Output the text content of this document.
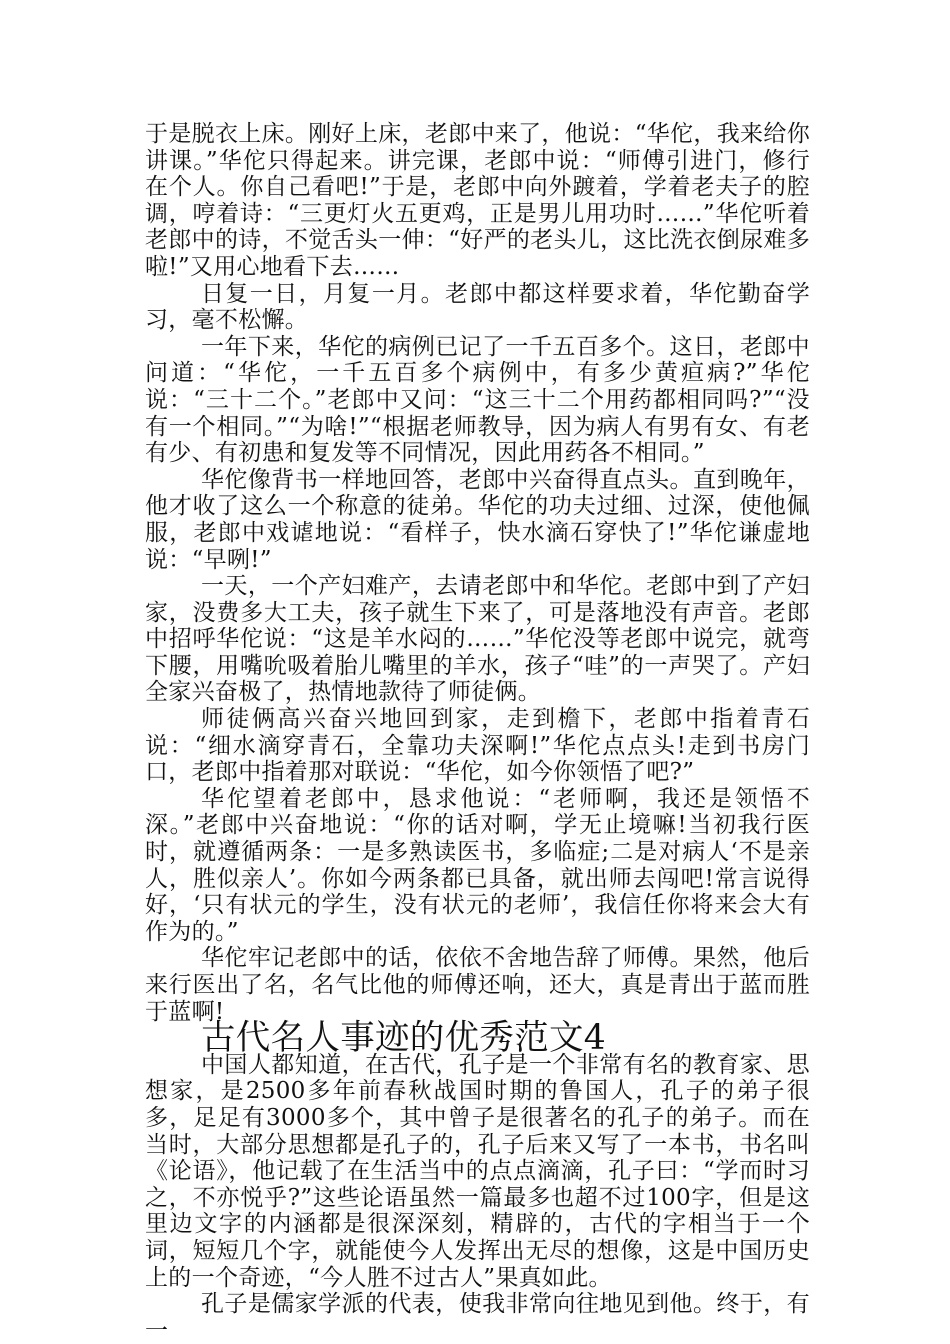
于是脱衣上床。刚好上床，老郎中来了，他说：“华佗，我来给你讲课。”华佗只得起来。讲完课，老郎中说：“师傅引进门，修行在个人。你自己看吧!”于是，老郎中向外踱着，学着老夫子的腔调，哼着诗：“三更灯火五更鸡，正是男儿用功时……”华佗听着老郎中的诗，不觉舌头一伸：“好严的老头儿，这比洗衣倒尿难多啦!”又用心地看下去……

日复一日，月复一月。老郎中都这样要求着，华佗勤奋学习，毫不松懈。

一年下来，华佗的病例已记了一千五百多个。这日，老郎中问道：“华佗，一千五百多个病例中，有多少黄疸病?”华佗说：“三十二个。”老郎中又问：“这三十二个用药都相同吗?”“没有一个相同。”“为啥!”“根据老师教导，因为病人有男有女、有老有少、有初患和复发等不同情况，因此用药各不相同。”

华佗像背书一样地回答，老郎中兴奋得直点头。直到晚年，他才收了这么一个称意的徒弟。华佗的功夫过细、过深，使他佩服，老郎中戏谑地说：“看样子，快水滴石穿快了!”华佗谦虚地说：“早咧!”

一天，一个产妇难产，去请老郎中和华佗。老郎中到了产妇家，没费多大工夫，孩子就生下来了，可是落地没有声音。老郎中招呼华佗说：“这是羊水闷的……”华佗没等老郎中说完，就弯下腰，用嘴吮吸着胎儿嘴里的羊水，孩子“哇”的一声哭了。产妇全家兴奋极了，热情地款待了师徒俩。

师徒俩高兴奋兴地回到家，走到檐下，老郎中指着青石说：“细水滴穿青石，全靠功夫深啊!”华佗点点头!走到书房门口，老郎中指着那对联说：“华佗，如今你领悟了吧?”

华佗望着老郎中，恳求他说：“老师啊，我还是领悟不深。”老郎中兴奋地说：“你的话对啊，学无止境嘛!当初我行医时，就遵循两条：一是多熟读医书，多临症;二是对病人‘不是亲人，胜似亲人’。你如今两条都已具备，就出师去闯吧!常言说得好，‘只有状元的学生，没有状元的老师’，我信任你将来会大有作为的。”

华佗牢记老郎中的话，依依不舍地告辞了师傅。果然，他后来行医出了名，名气比他的师傅还响，还大，真是青出于蓝而胜于蓝啊!

古代名人事迹的优秀范文4

中国人都知道，在古代，孔子是一个非常有名的教育家、思想家，是2500多年前春秋战国时期的鲁国人，孔子的弟子很多，足足有3000多个，其中曾子是很著名的孔子的弟子。而在当时，大部分思想都是孔子的，孔子后来又写了一本书，书名叫《论语》，他记载了在生活当中的点点滴滴，孔子曰：“学而时习之，不亦悦乎?”这些论语虽然一篇最多也超不过100字，但是这里边文字的内涵都是很深深刻，精辟的，古代的字相当于一个词，短短几个字，就能使今人发挥出无尽的想像，这是中国历史上的一个奇迹，“今人胜不过古人”果真如此。

孔子是儒家学派的代表，使我非常向往地见到他。终于，有一
